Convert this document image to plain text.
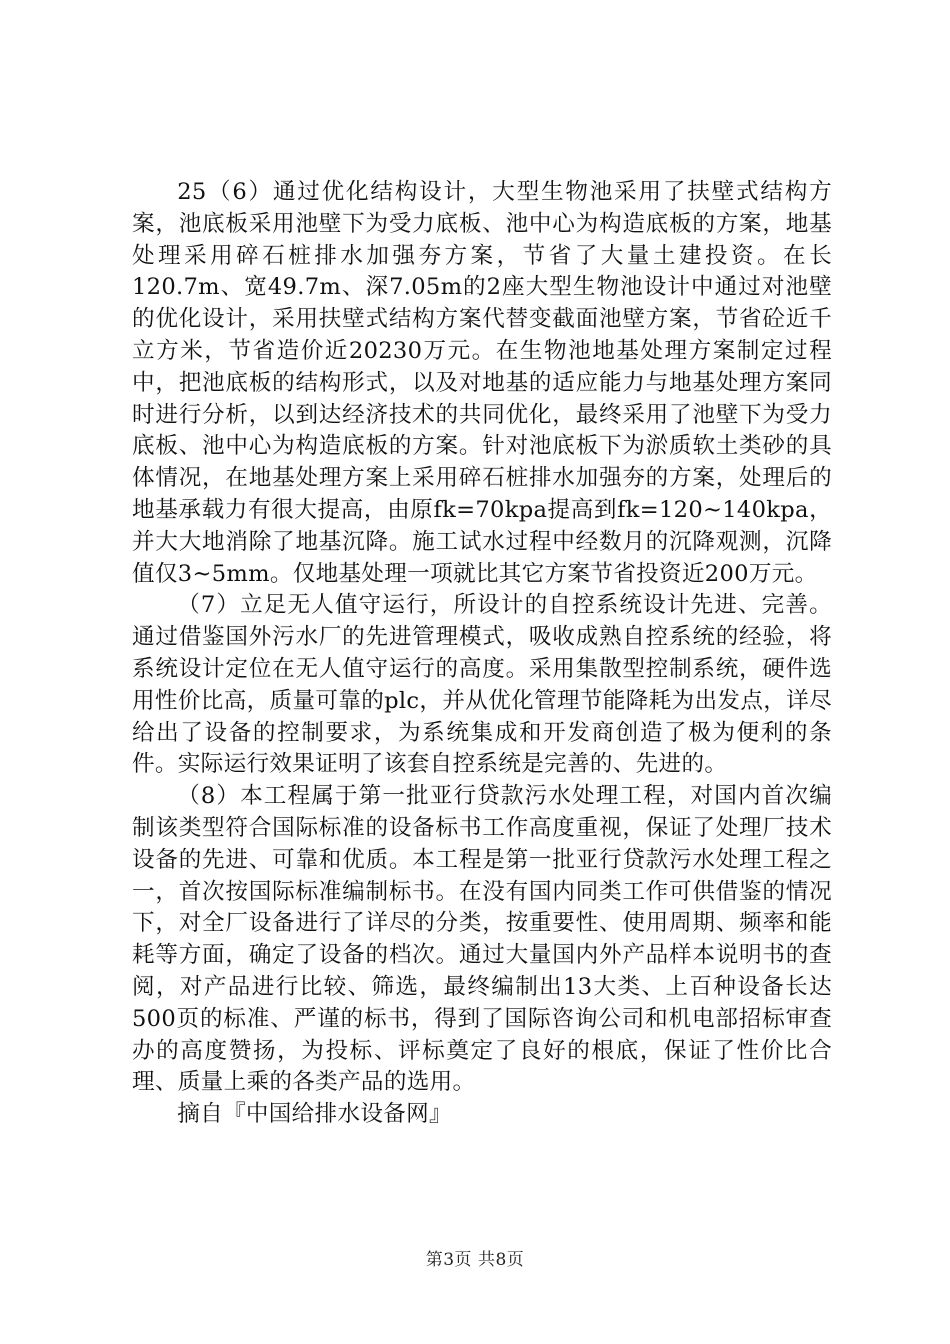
25（6）通过优化结构设计，大型生物池采用了扶壁式结构方案，池底板采用池壁下为受力底板、池中心为构造底板的方案，地基处理采用碎石桩排水加强夯方案，节省了大量土建投资。在长120.7m、宽49.7m、深7.05m的2座大型生物池设计中通过对池壁的优化设计，采用扶壁式结构方案代替变截面池壁方案，节省砼近千立方米，节省造价近20230万元。在生物池地基处理方案制定过程中，把池底板的结构形式，以及对地基的适应能力与地基处理方案同时进行分析，以到达经济技术的共同优化，最终采用了池壁下为受力底板、池中心为构造底板的方案。针对池底板下为淤质软土类砂的具体情况，在地基处理方案上采用碎石桩排水加强夯的方案，处理后的地基承载力有很大提高，由原fk=70kpa提高到fk=120~140kpa，并大大地消除了地基沉降。施工试水过程中经数月的沉降观测，沉降值仅3~5mm。仅地基处理一项就比其它方案节省投资近200万元。

（7）立足无人值守运行，所设计的自控系统设计先进、完善。通过借鉴国外污水厂的先进管理模式，吸收成熟自控系统的经验，将系统设计定位在无人值守运行的高度。采用集散型控制系统，硬件选用性价比高，质量可靠的plc，并从优化管理节能降耗为出发点，详尽给出了设备的控制要求，为系统集成和开发商创造了极为便利的条件。实际运行效果证明了该套自控系统是完善的、先进的。

（8）本工程属于第一批亚行贷款污水处理工程，对国内首次编制该类型符合国际标准的设备标书工作高度重视，保证了处理厂技术设备的先进、可靠和优质。本工程是第一批亚行贷款污水处理工程之一，首次按国际标准编制标书。在没有国内同类工作可供借鉴的情况下，对全厂设备进行了详尽的分类，按重要性、使用周期、频率和能耗等方面，确定了设备的档次。通过大量国内外产品样本说明书的查阅，对产品进行比较、筛选，最终编制出13大类、上百种设备长达500页的标准、严谨的标书，得到了国际咨询公司和机电部招标审查办的高度赞扬，为投标、评标奠定了良好的根底，保证了性价比合理、质量上乘的各类产品的选用。

摘自『中国给排水设备网』

第3页 共8页
